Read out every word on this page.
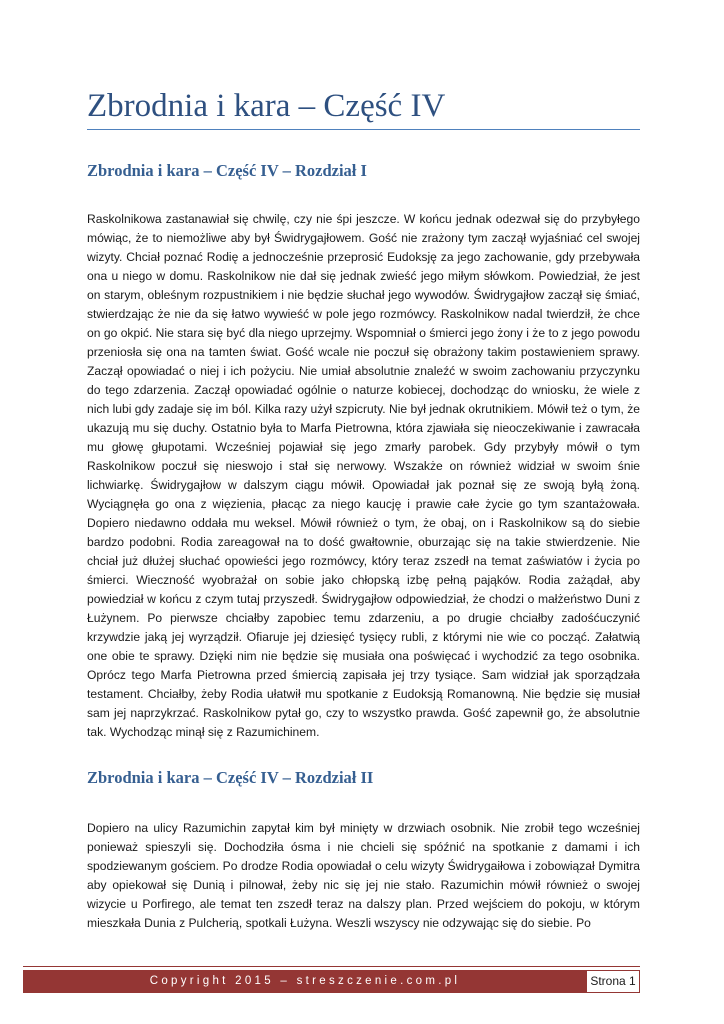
Zbrodnia i kara – Część IV
Zbrodnia i kara – Część IV – Rozdział I

Raskolnikowa zastanawiał się chwilę, czy nie śpi jeszcze. W końcu jednak odezwał się do przybyłego mówiąc, że to niemożliwe aby był Świdrygajłowem. Gość nie zrażony tym zaczął wyjaśniać cel swojej wizyty. Chciał poznać Rodię a jednocześnie przeprosić Eudoksję za jego zachowanie, gdy przebywała ona u niego w domu. Raskolnikow nie dał się jednak zwieść jego miłym słówkom. Powiedział, że jest on starym, obleśnym rozpustnikiem i nie będzie słuchał jego wywodów. Świdrygajłow zaczął się śmiać, stwierdzając że nie da się łatwo wywieść w pole jego rozmówcy. Raskolnikow nadal twierdził, że chce on go okpić. Nie stara się być dla niego uprzejmy. Wspomniał o śmierci jego żony i że to z jego powodu przeniosła się ona na tamten świat. Gość wcale nie poczuł się obrażony takim postawieniem sprawy. Zaczął opowiadać o niej i ich pożyciu. Nie umiał absolutnie znaleźć w swoim zachowaniu przyczynku do tego zdarzenia. Zaczął opowiadać ogólnie o naturze kobiecej, dochodząc do wniosku, że wiele z nich lubi gdy zadaje się im ból. Kilka razy użył szpicruty. Nie był jednak okrutnikiem. Mówił też o tym, że ukazują mu się duchy. Ostatnio była to Marfa Pietrowna, która zjawiała się nieoczekiwanie i zawracała mu głowę głupotami. Wcześniej pojawiał się jego zmarły parobek. Gdy przybyły mówił o tym Raskolnikow poczuł się nieswojo i stał się nerwowy. Wszakże on również widział w swoim śnie lichwiarkę. Świdrygajłow w dalszym ciągu mówił. Opowiadał jak poznał się ze swoją byłą żoną. Wyciągnęła go ona z więzienia, płacąc za niego kaucję i prawie całe życie go tym szantażowała. Dopiero niedawno oddała mu weksel. Mówił również o tym, że obaj, on i Raskolnikow są do siebie bardzo podobni. Rodia zareagował na to dość gwałtownie, oburzając się na takie stwierdzenie. Nie chciał już dłużej słuchać opowieści jego rozmówcy, który teraz zszedł na temat zaświatów i życia po śmierci. Wieczność wyobrażał on sobie jako chłopską izbę pełną pająków. Rodia zażądał, aby powiedział w końcu z czym tutaj przyszedł. Świdrygajłow odpowiedział, że chodzi o małżeństwo Duni z Łużynem. Po pierwsze chciałby zapobiec temu zdarzeniu, a po drugie chciałby zadośćuczynić krzywdzie jaką jej wyrządził. Ofiaruje jej dziesięć tysięcy rubli, z którymi nie wie co począć. Załatwią one obie te sprawy. Dzięki nim nie będzie się musiała ona poświęcać i wychodzić za tego osobnika. Oprócz tego Marfa Pietrowna przed śmiercią zapisała jej trzy tysiące. Sam widział jak sporządzała testament. Chciałby, żeby Rodia ułatwił mu spotkanie z Eudoksją Romanowną. Nie będzie się musiał sam jej naprzykrzać. Raskolnikow pytał go, czy to wszystko prawda. Gość zapewnił go, że absolutnie tak. Wychodząc minął się z Razumichinem.

Zbrodnia i kara – Część IV – Rozdział II

Dopiero na ulicy Razumichin zapytał kim był minięty w drzwiach osobnik. Nie zrobił tego wcześniej ponieważ spieszyli się. Dochodziła ósma i nie chcieli się spóźnić na spotkanie z damami i ich spodziewanym gościem. Po drodze Rodia opowiadał o celu wizyty Świdrygaiłowa i zobowiązał Dymitra aby opiekował się Dunią i pilnował, żeby nic się jej nie stało. Razumichin mówił również o swojej wizycie u Porfirego, ale temat ten zszedł teraz na dalszy plan. Przed wejściem do pokoju, w którym mieszkała Dunia z Pulcherią, spotkali Łużyna. Weszli wszyscy nie odzywając się do siebie. Po

Copyright 2015 – streszczenie.com.pl	Strona 1
